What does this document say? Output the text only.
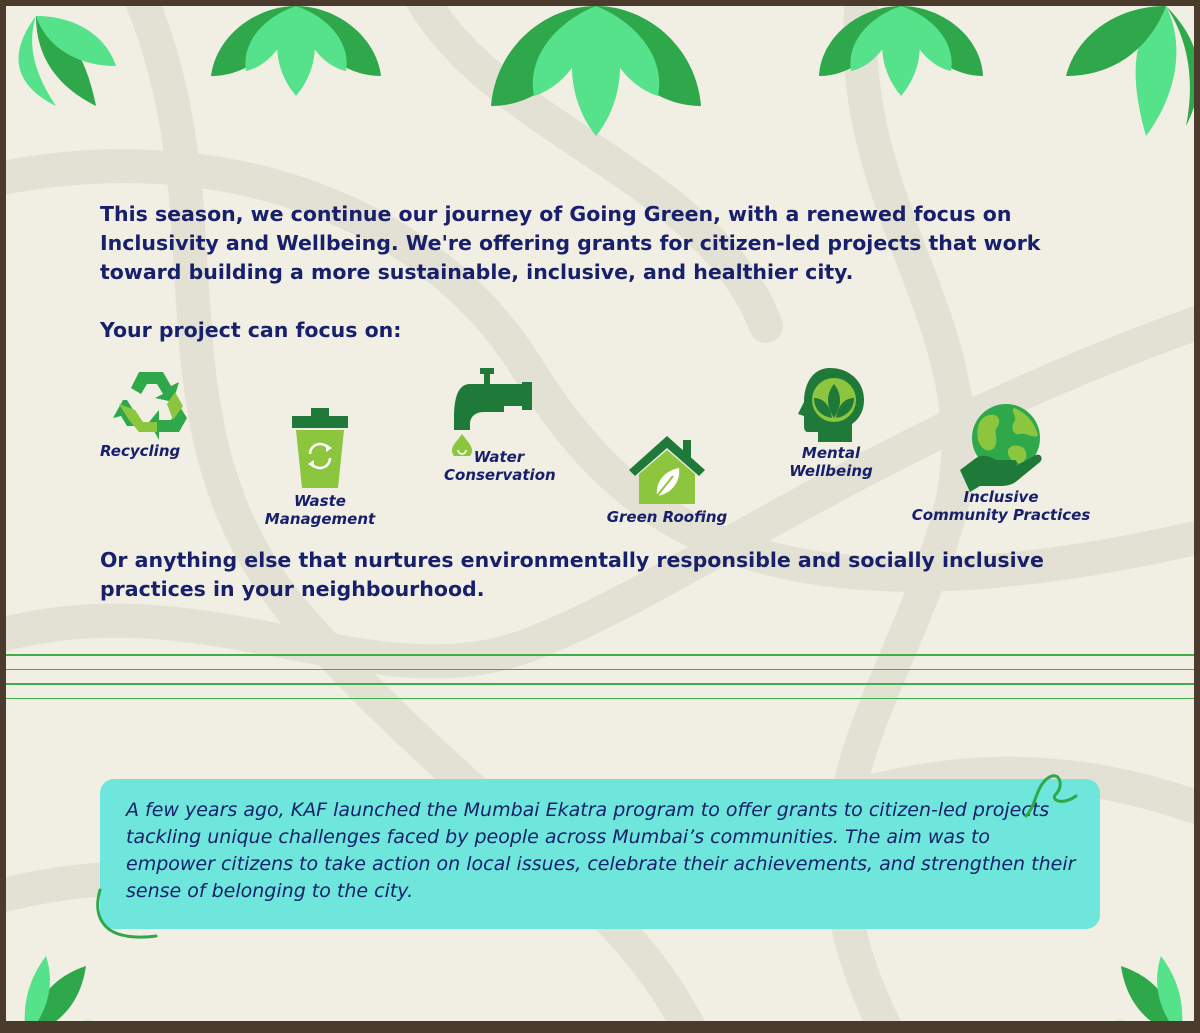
This season, we continue our journey of Going Green, with a renewed focus on Inclusivity and Wellbeing. We're offering grants for citizen-led projects that work toward building a more sustainable, inclusive, and healthier city.

Your project can focus on:
Recycling
Waste
Management
Water
Conservation
Green Roofing
Mental
Wellbeing
Inclusive
Community Practices

Or anything else that nurtures environmentally responsible and socially inclusive practices in your neighbourhood.

A few years ago, KAF launched the Mumbai Ekatra program to offer grants to citizen-led projects tackling unique challenges faced by people across Mumbai’s communities. The aim was to empower citizens to take action on local issues, celebrate their achievements, and strengthen their sense of belonging to the city.
